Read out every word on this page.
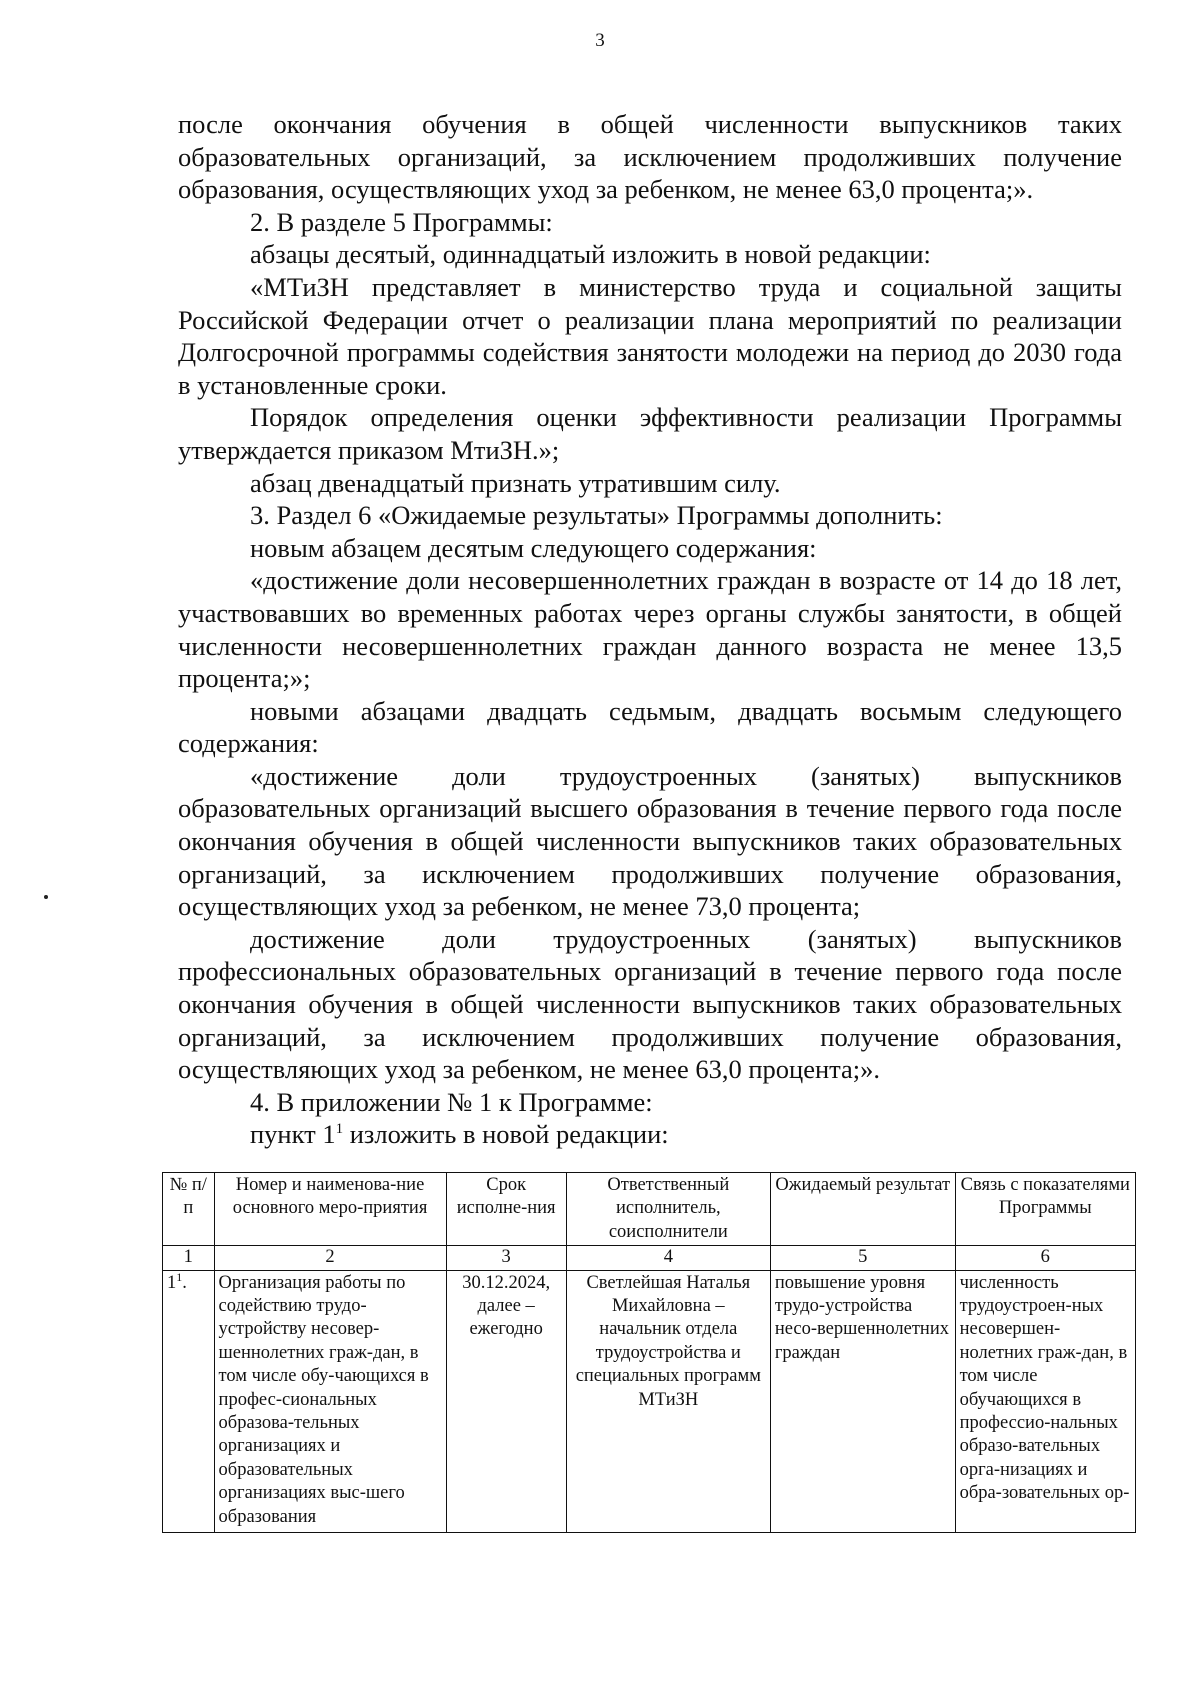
3

после окончания обучения в общей численности выпускников таких образовательных организаций, за исключением продолживших получение образования, осуществляющих уход за ребенком, не менее 63,0 процента;».

2. В разделе 5 Программы:

абзацы десятый, одиннадцатый изложить в новой редакции:

«МТиЗН представляет в министерство труда и социальной защиты Российской Федерации отчет о реализации плана мероприятий по реализации Долгосрочной программы содействия занятости молодежи на период до 2030 года в установленные сроки.

Порядок определения оценки эффективности реализации Программы утверждается приказом МтиЗН.»;

абзац двенадцатый признать утратившим силу.

3. Раздел 6 «Ожидаемые результаты» Программы дополнить:

новым абзацем десятым следующего содержания:

«достижение доли несовершеннолетних граждан в возрасте от 14 до 18 лет, участвовавших во временных работах через органы службы занятости, в общей численности несовершеннолетних граждан данного возраста не менее 13,5 процента;»;

новыми абзацами двадцать седьмым, двадцать восьмым следующего содержания:

«достижение доли трудоустроенных (занятых) выпускников образовательных организаций высшего образования в течение первого года после окончания обучения в общей численности выпускников таких образовательных организаций, за исключением продолживших получение образования, осуществляющих уход за ребенком, не менее 73,0 процента;

достижение доли трудоустроенных (занятых) выпускников профессиональных образовательных организаций в течение первого года после окончания обучения в общей численности выпускников таких образовательных организаций, за исключением продолживших получение образования, осуществляющих уход за ребенком, не менее 63,0 процента;».

4. В приложении № 1 к Программе:

пункт $1^1$ изложить в новой редакции:

№ п/п	Номер и наименова-ние основного меро-приятия	Срок исполне-ния	Ответственный исполнитель, соисполнители	Ожидаемый результат	Связь с показателями Программы
1	2	3	4	5	6
$1^1$.	Организация работы по содействию трудо-устройству несовер-шеннолетних граж-дан, в том числе обу-чающихся в профес-сиональных образова-тельных организациях и образовательных организациях выс-шего образования	30.12.2024, далее – ежегодно	Светлейшая Наталья Михайловна – начальник отдела трудоустройства и специальных программ МТиЗН	повышение уровня трудо-устройства несо-вершеннолетних граждан	численность трудоустроен-ных несовершен-нолетних граж-дан, в том числе обучающихся в профессио-нальных образо-вательных орга-низациях и обра-зовательных ор-
